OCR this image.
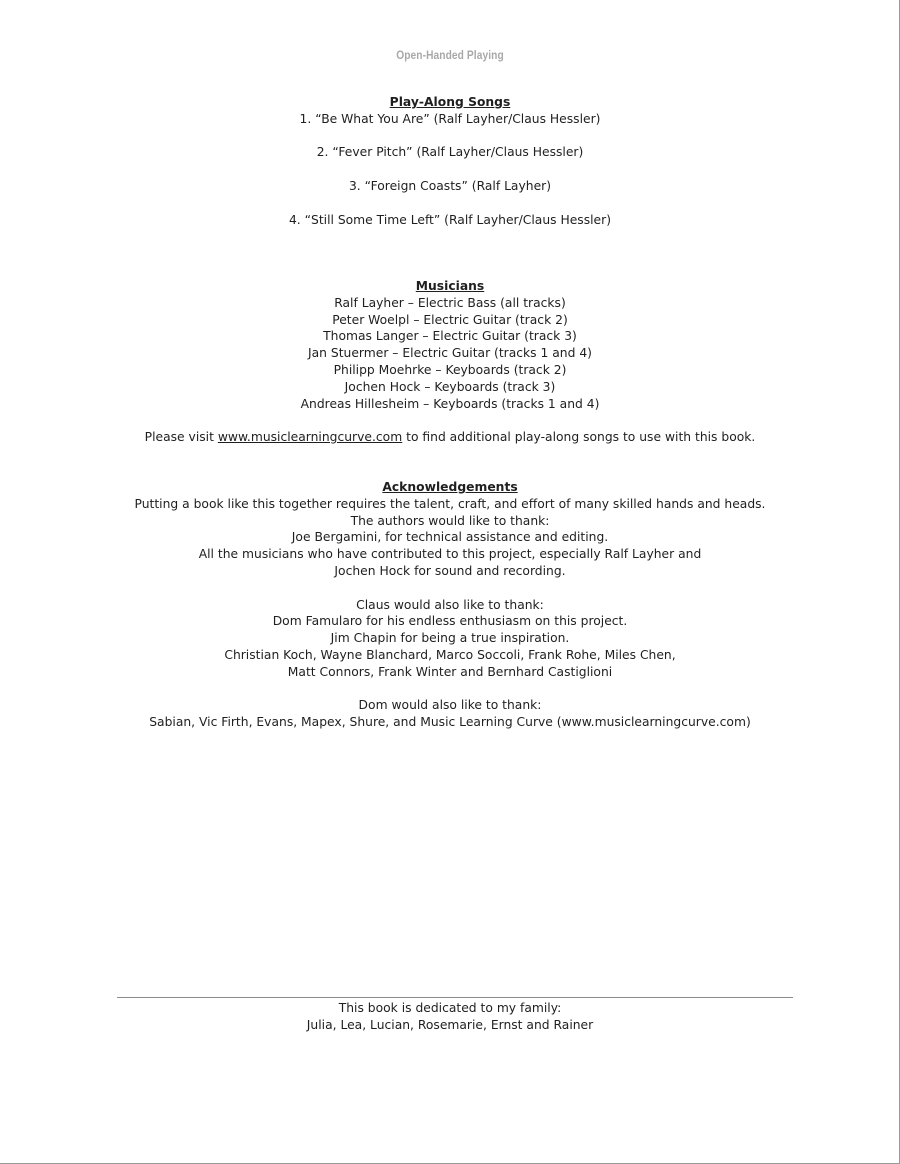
Open-Handed Playing
Play-Along Songs
1. “Be What You Are” (Ralf Layher/Claus Hessler)
2. “Fever Pitch” (Ralf Layher/Claus Hessler)
3. “Foreign Coasts” (Ralf Layher)
4. “Still Some Time Left” (Ralf Layher/Claus Hessler)
Musicians
Ralf Layher – Electric Bass (all tracks)
Peter Woelpl – Electric Guitar (track 2)
Thomas Langer – Electric Guitar (track 3)
Jan Stuermer – Electric Guitar (tracks 1 and 4)
Philipp Moehrke – Keyboards (track 2)
Jochen Hock – Keyboards (track 3)
Andreas Hillesheim – Keyboards (tracks 1 and 4)
Please visit www.musiclearningcurve.com to find additional play-along songs to use with this book.
Acknowledgements
Putting a book like this together requires the talent, craft, and effort of many skilled hands and heads.
The authors would like to thank:
Joe Bergamini, for technical assistance and editing.
All the musicians who have contributed to this project, especially Ralf Layher and
Jochen Hock for sound and recording.
Claus would also like to thank:
Dom Famularo for his endless enthusiasm on this project.
Jim Chapin for being a true inspiration.
Christian Koch, Wayne Blanchard, Marco Soccoli, Frank Rohe, Miles Chen,
Matt Connors, Frank Winter and Bernhard Castiglioni
Dom would also like to thank:
Sabian, Vic Firth, Evans, Mapex, Shure, and Music Learning Curve (www.musiclearningcurve.com)
This book is dedicated to my family:
Julia, Lea, Lucian, Rosemarie, Ernst and Rainer
